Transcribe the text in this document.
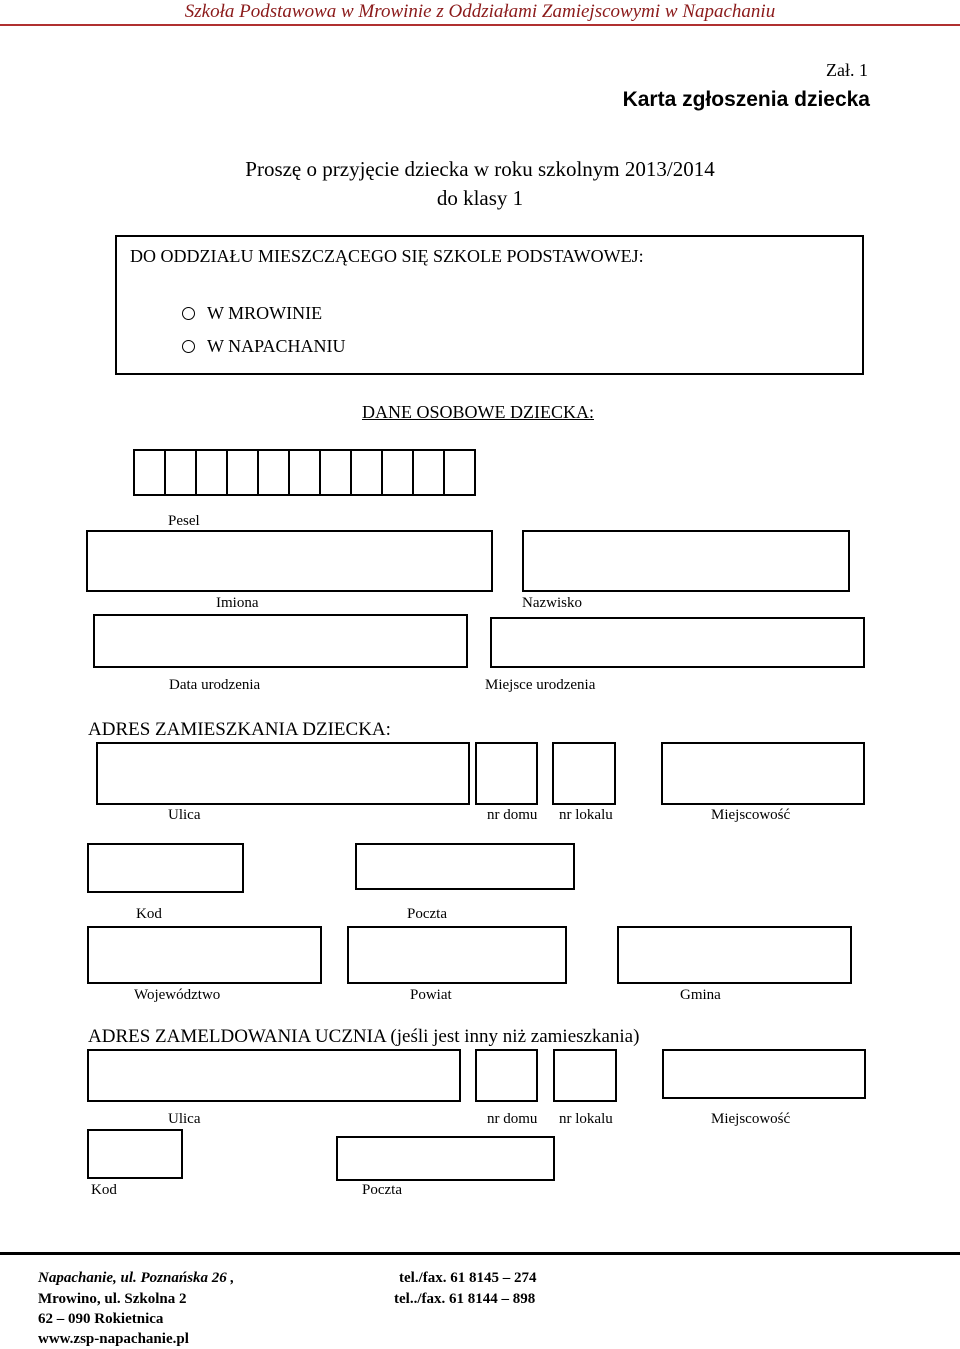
Szkoła Podstawowa w Mrowinie z Oddziałami Zamiejscowymi w Napachaniu
Zał. 1
Karta zgłoszenia dziecka
Proszę o przyjęcie dziecka w roku szkolnym 2013/2014
do klasy 1
DO ODDZIAŁU MIESZCZĄCEGO SIĘ SZKOLE PODSTAWOWEJ:
W MROWINIE
W NAPACHANIU
DANE OSOBOWE DZIECKA:
Pesel
Imiona	Nazwisko
Data urodzenia	Miejsce urodzenia
ADRES ZAMIESZKANIA DZIECKA:
Ulica	nr domu nr lokalu	Miejscowość
Kod	Poczta
Województwo	Powiat	Gmina
ADRES ZAMELDOWANIA UCZNIA (jeśli jest inny niż zamieszkania)
Ulica	nr domu nr lokalu	Miejscowość
Kod	Poczta
Napachanie, ul. Poznańska 26 ,	tel./fax. 61 8145 – 274
Mrowino, ul. Szkolna 2	tel../fax. 61 8144 – 898
62 – 090 Rokietnica
www.zsp-napachanie.pl
